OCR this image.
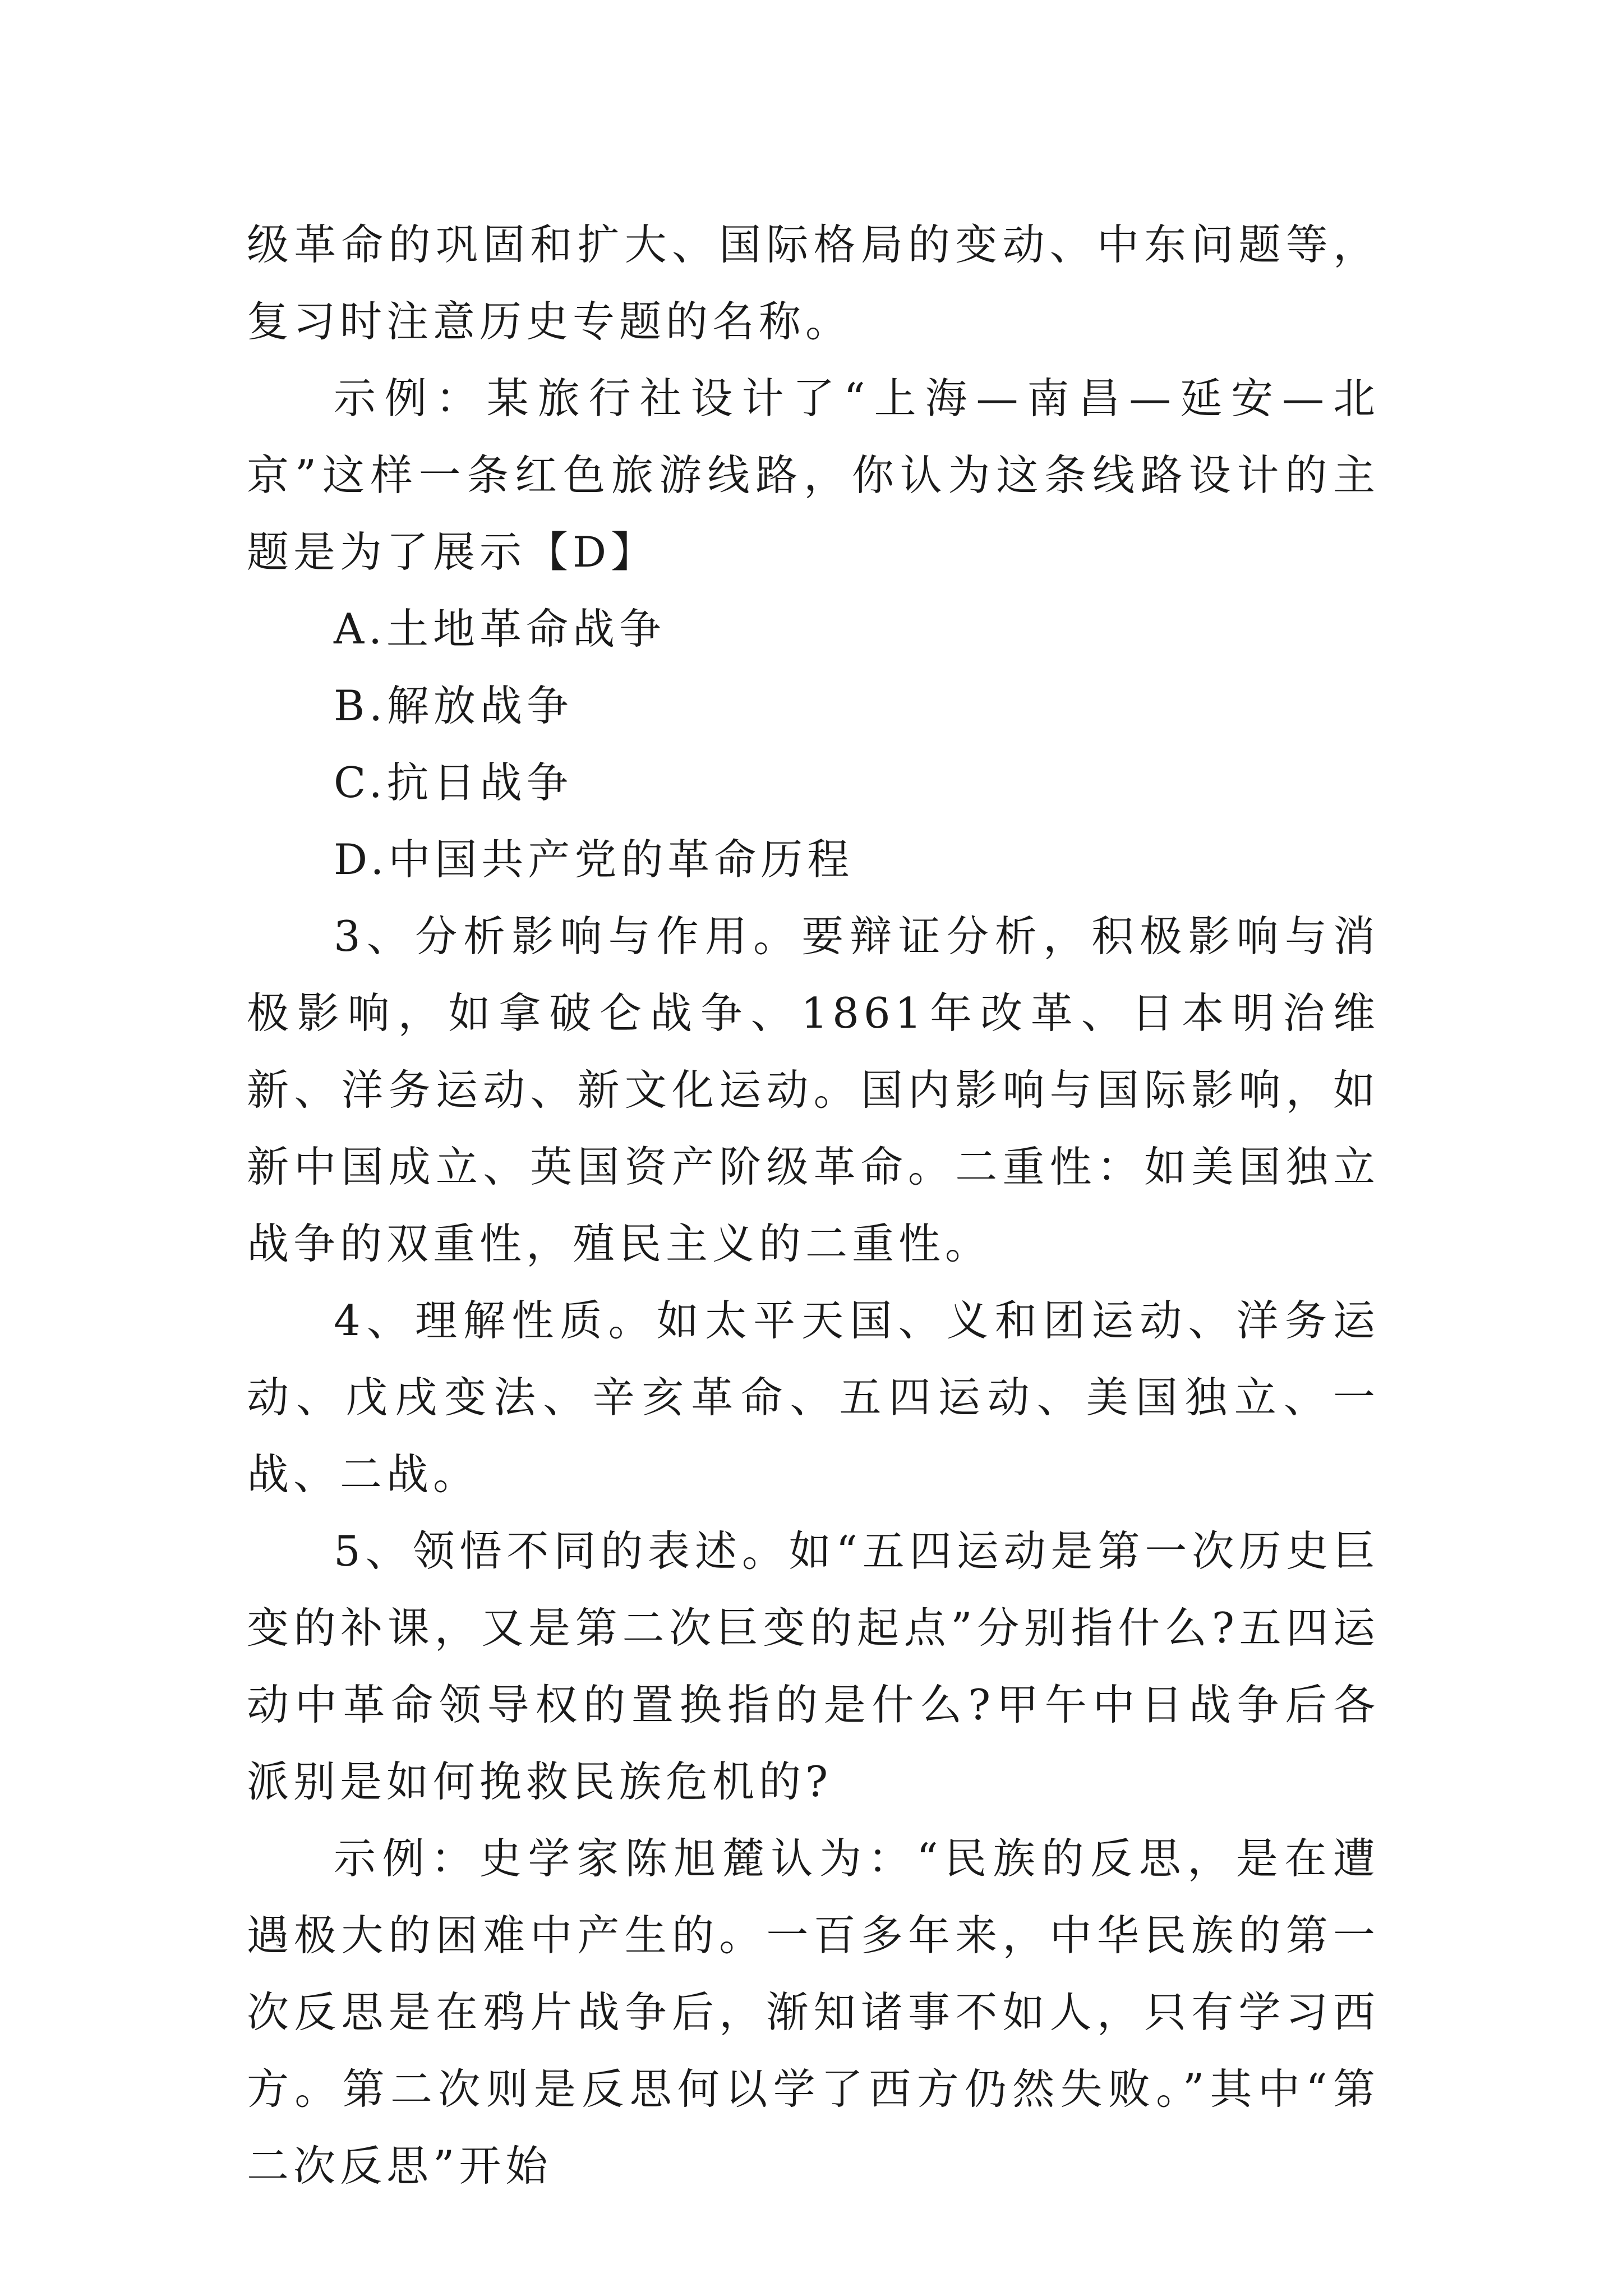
级革命的巩固和扩大、国际格局的变动、中东问题等，复习时注意历史专题的名称。

示例：某旅行社设计了“上海—南昌—延安—北京”这样一条红色旅游线路，你认为这条线路设计的主题是为了展示【D】

A.土地革命战争

B.解放战争

C.抗日战争

D.中国共产党的革命历程

3、分析影响与作用。要辩证分析，积极影响与消极影响，如拿破仑战争、1861年改革、日本明治维新、洋务运动、新文化运动。国内影响与国际影响，如新中国成立、英国资产阶级革命。二重性：如美国独立战争的双重性，殖民主义的二重性。

4、理解性质。如太平天国、义和团运动、洋务运动、戊戌变法、辛亥革命、五四运动、美国独立、一战、二战。

5、领悟不同的表述。如“五四运动是第一次历史巨变的补课，又是第二次巨变的起点”分别指什么?五四运动中革命领导权的置换指的是什么?甲午中日战争后各派别是如何挽救民族危机的?

示例：史学家陈旭麓认为：“民族的反思，是在遭遇极大的困难中产生的。一百多年来，中华民族的第一次反思是在鸦片战争后，渐知诸事不如人，只有学习西方。第二次则是反思何以学了西方仍然失败。”其中“第二次反思”开始
